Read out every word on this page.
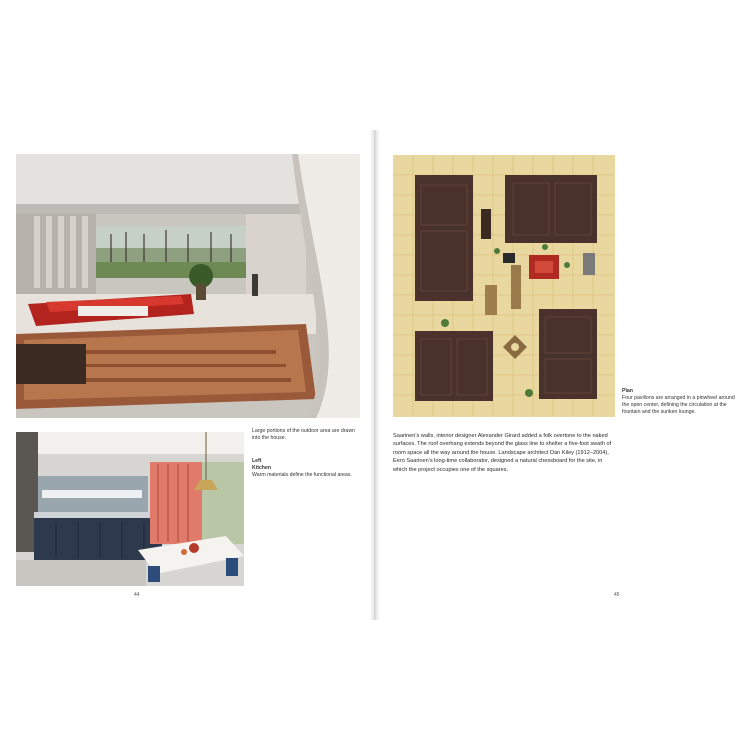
Large portions of the outdoor area are drawn into the house.
Left
Kitchen
Warm materials define the functional areas.
Plan
Four pavilions are arranged in a pinwheel around the open center, defining the circulation at the fountain and the sunken lounge.
Saarinen's walls, interior designer Alexander Girard added a folk overtone to the naked surfaces. The roof overhang extends beyond the glass line to shelter a five-foot swath of room space all the way around the house. Landscape architect Dan Kiley (1912–2004), Eero Saarinen's long-time collaborator, designed a natural chessboard for the site, in which the project occupies one of the squares.
44	45
